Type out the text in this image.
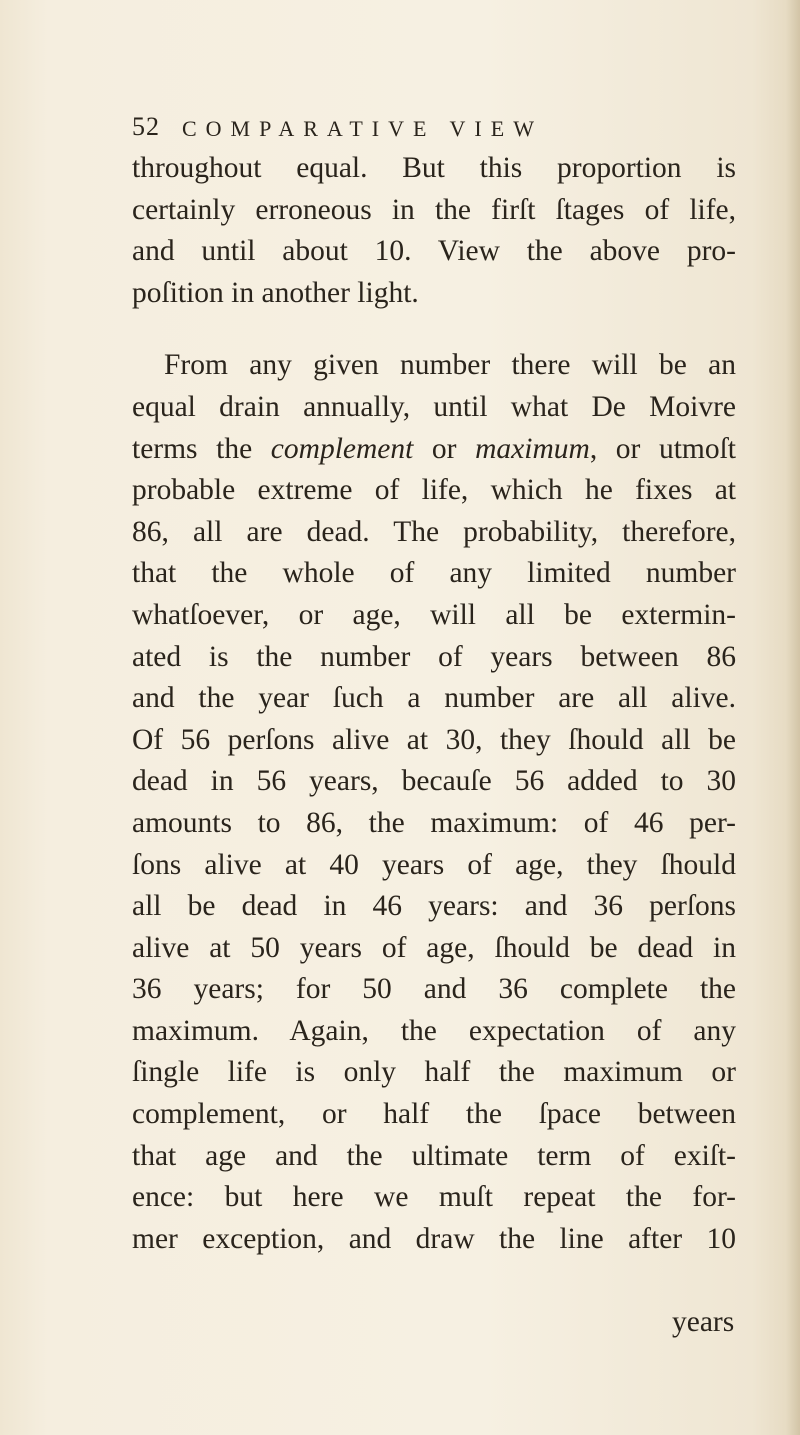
52 COMPARATIVE VIEW
throughout equal. But this proportion is
certainly erroneous in the firſt ſtages of life,
and until about 10. View the above pro-
poſition in another light.
From any given number there will be an
equal drain annually, until what De Moivre
terms the complement or maximum, or utmoſt
probable extreme of life, which he fixes at
86, all are dead. The probability, therefore,
that the whole of any limited number
whatſoever, or age, will all be extermin-
ated is the number of years between 86
and the year ſuch a number are all alive.
Of 56 perſons alive at 30, they ſhould all be
dead in 56 years, becauſe 56 added to 30
amounts to 86, the maximum: of 46 per-
ſons alive at 40 years of age, they ſhould
all be dead in 46 years: and 36 perſons
alive at 50 years of age, ſhould be dead in
36 years; for 50 and 36 complete the
maximum. Again, the expectation of any
ſingle life is only half the maximum or
complement, or half the ſpace between
that age and the ultimate term of exiſt-
ence: but here we muſt repeat the for-
mer exception, and draw the line after 10
years
